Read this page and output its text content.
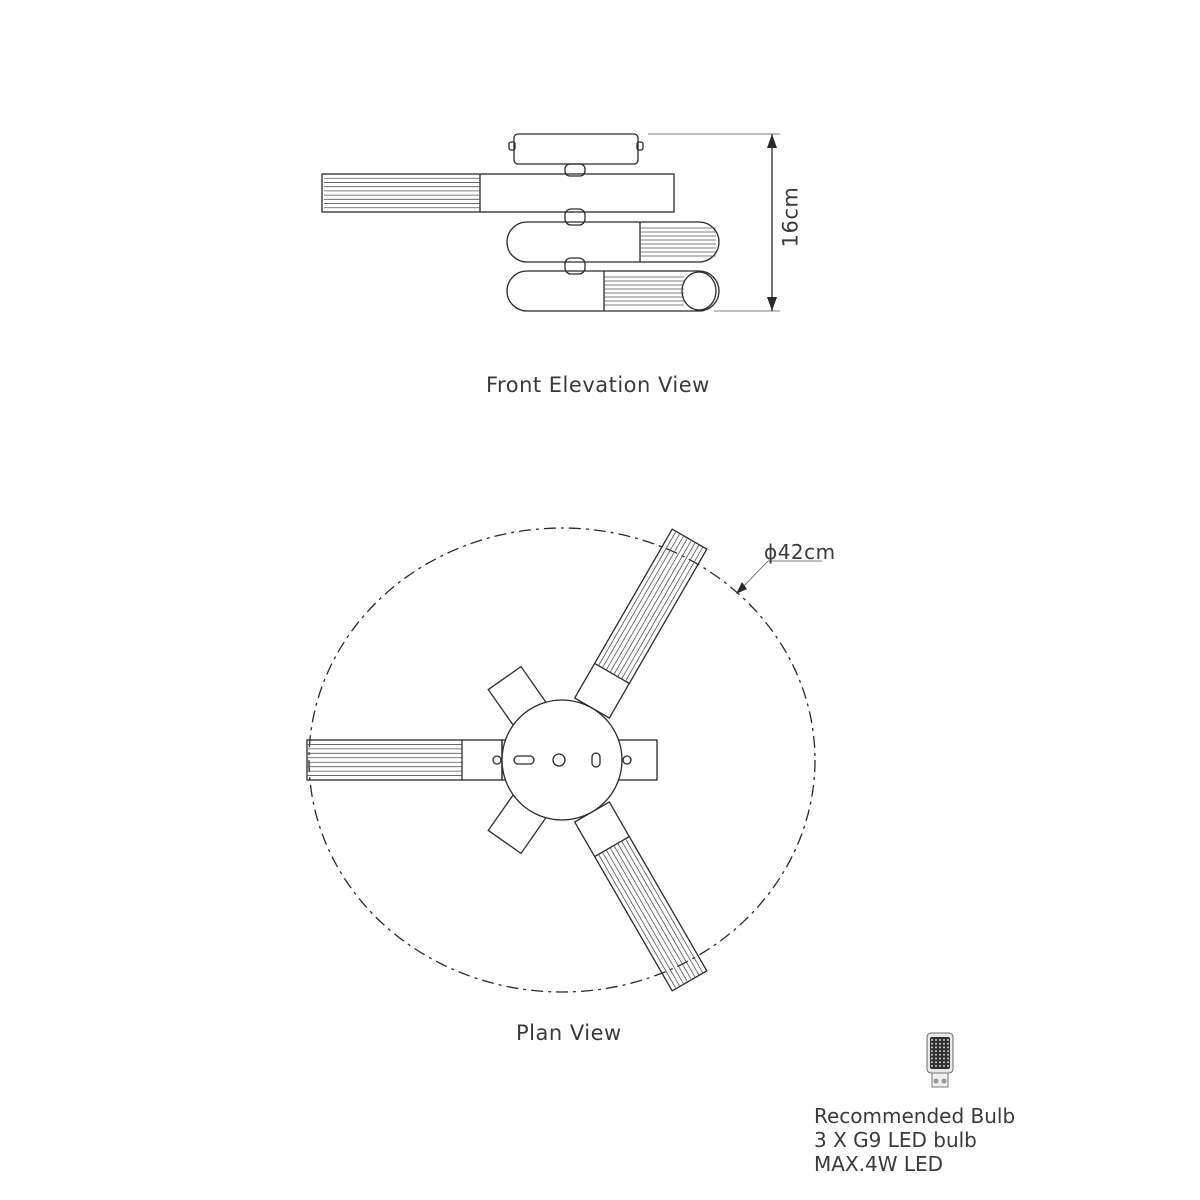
Front Elevation View
16cm
ϕ42cm
Plan View
Recommended Bulb
3 X G9 LED bulb
MAX.4W LED
